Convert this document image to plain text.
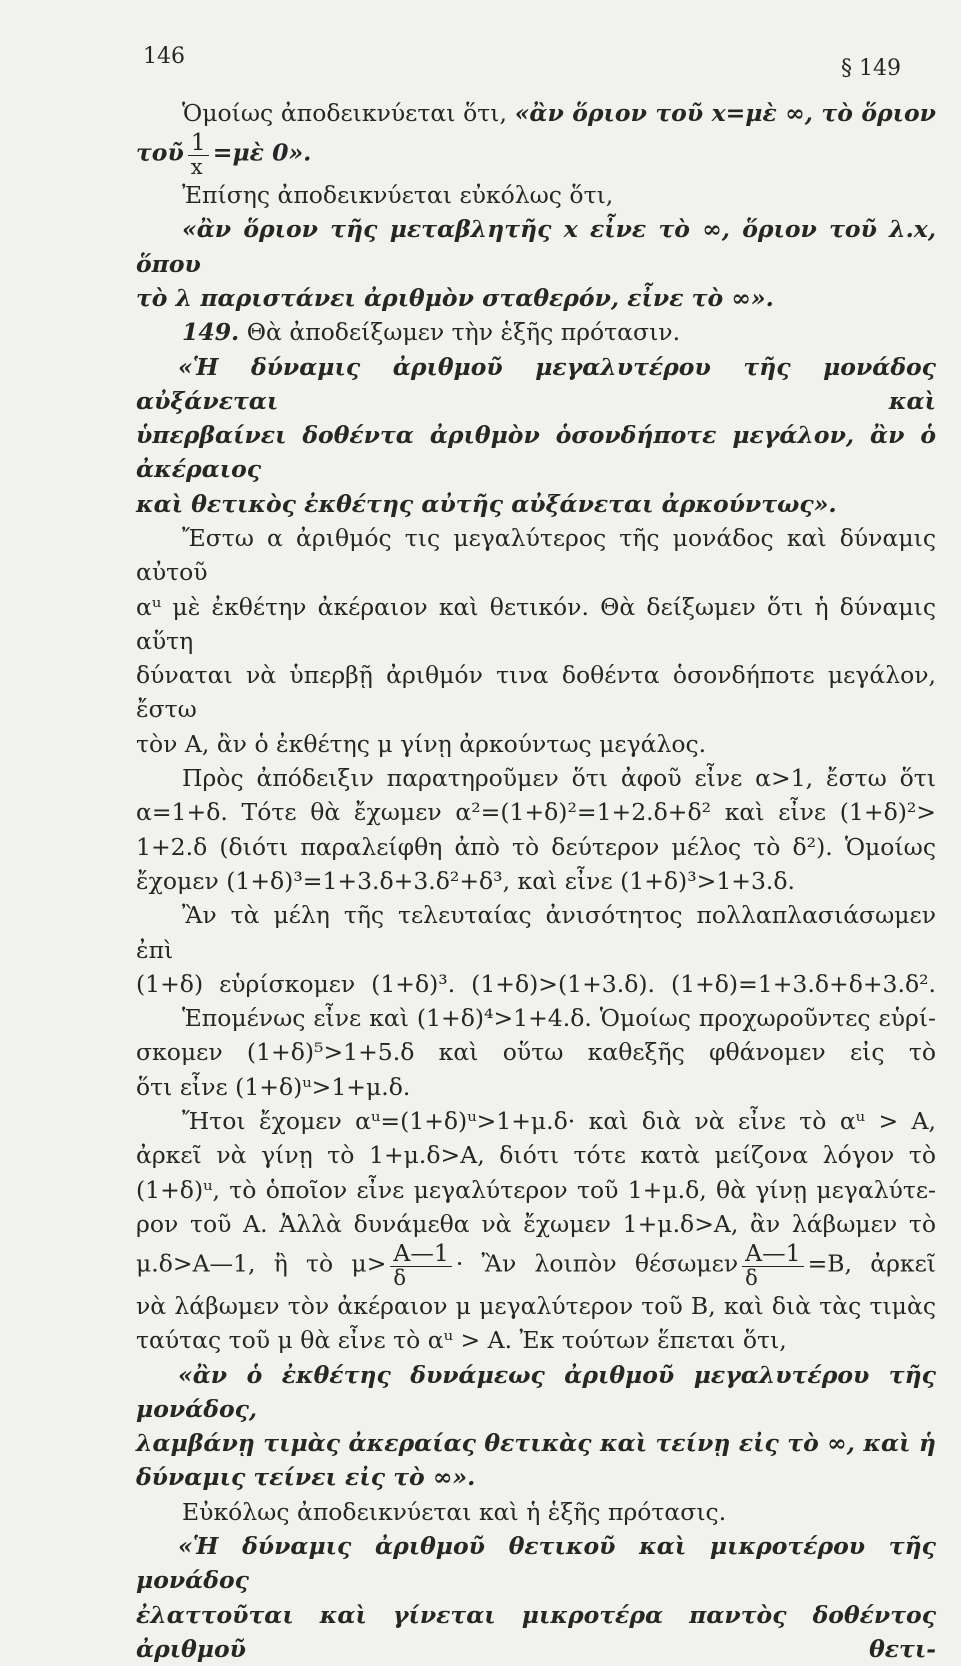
146	§ 149

Ὁμοίως ἀποδεικνύεται ὅτι, «ἂν ὅριον τοῦ x=μὲ ∞, τὸ ὅριον

τοῦ $\frac{1}{x}$ =μὲ 0».

Ἐπίσης ἀποδεικνύεται εὐκόλως ὅτι,

«ἂν ὅριον τῆς μεταβλητῆς x εἶνε τὸ ∞, ὅριον τοῦ λ.x, ὅπου

τὸ λ παριστάνει ἀριθμὸν σταθερόν, εἶνε τὸ ∞».

149. Θὰ ἀποδείξωμεν τὴν ἑξῆς πρότασιν.

«Ἡ δύναμις ἀριθμοῦ μεγαλυτέρου τῆς μονάδος αὐξάνεται καὶ

ὑπερβαίνει δοθέντα ἀριθμὸν ὁσονδήποτε μεγάλον, ἂν ὁ ἀκέραιος

καὶ θετικὸς ἐκθέτης αὐτῆς αὐξάνεται ἀρκούντως».

Ἔστω α ἀριθμός τις μεγαλύτερος τῆς μονάδος καὶ δύναμις αὐτοῦ

αᵘ μὲ ἐκθέτην ἀκέραιον καὶ θετικόν. Θὰ δείξωμεν ὅτι ἡ δύναμις αὕτη

δύναται νὰ ὑπερβῇ ἀριθμόν τινα δοθέντα ὁσονδήποτε μεγάλον, ἔστω

τὸν Α, ἂν ὁ ἐκθέτης μ γίνῃ ἀρκούντως μεγάλος.

Πρὸς ἀπόδειξιν παρατηροῦμεν ὅτι ἀφοῦ εἶνε α>1, ἔστω ὅτι

α=1+δ. Τότε θὰ ἔχωμεν α²=(1+δ)²=1+2.δ+δ² καὶ εἶνε (1+δ)²>

1+2.δ (διότι παραλείφθη ἀπὸ τὸ δεύτερον μέλος τὸ δ²). Ὁμοίως

ἔχομεν (1+δ)³=1+3.δ+3.δ²+δ³, καὶ εἶνε (1+δ)³>1+3.δ.

Ἂν τὰ μέλη τῆς τελευταίας ἀνισότητος πολλαπλασιάσωμεν ἐπὶ

(1+δ) εὑρίσκομεν (1+δ)³. (1+δ)>(1+3.δ). (1+δ)=1+3.δ+δ+3.δ².

Ἑπομένως εἶνε καὶ (1+δ)⁴>1+4.δ. Ὁμοίως προχωροῦντες εὑρί-

σκομεν (1+δ)⁵>1+5.δ καὶ οὕτω καθεξῆς φθάνομεν εἰς τὸ

ὅτι εἶνε (1+δ)ᵘ>1+μ.δ.

Ἤτοι ἔχομεν αᵘ=(1+δ)ᵘ>1+μ.δ· καὶ διὰ νὰ εἶνε τὸ αᵘ > Α,

ἀρκεῖ νὰ γίνῃ τὸ 1+μ.δ>Α, διότι τότε κατὰ μείζονα λόγον τὸ

(1+δ)ᵘ, τὸ ὁποῖον εἶνε μεγαλύτερον τοῦ 1+μ.δ, θὰ γίνῃ μεγαλύτε-

ρον τοῦ Α. Ἀλλὰ δυνάμεθα νὰ ἔχωμεν 1+μ.δ>Α, ἂν λάβωμεν τὸ

μ.δ>Α—1, ἢ τὸ $\mu> \frac{A—1}{\delta}$ · Ἂν λοιπὸν θέσωμεν $\frac{A—1}{\delta} =B$, ἀρκεῖ

νὰ λάβωμεν τὸν ἀκέραιον μ μεγαλύτερον τοῦ Β, καὶ διὰ τὰς τιμὰς

ταύτας τοῦ μ θὰ εἶνε τὸ αᵘ > Α. Ἐκ τούτων ἕπεται ὅτι,

«ἂν ὁ ἐκθέτης δυνάμεως ἀριθμοῦ μεγαλυτέρου τῆς μονάδος,

λαμβάνῃ τιμὰς ἀκεραίας θετικὰς καὶ τείνῃ εἰς τὸ ∞, καὶ ἡ

δύναμις τείνει εἰς τὸ ∞».

Εὐκόλως ἀποδεικνύεται καὶ ἡ ἑξῆς πρότασις.

«Ἡ δύναμις ἀριθμοῦ θετικοῦ καὶ μικροτέρου τῆς μονάδος

ἐλαττοῦται καὶ γίνεται μικροτέρα παντὸς δοθέντος ἀριθμοῦ θετι-
